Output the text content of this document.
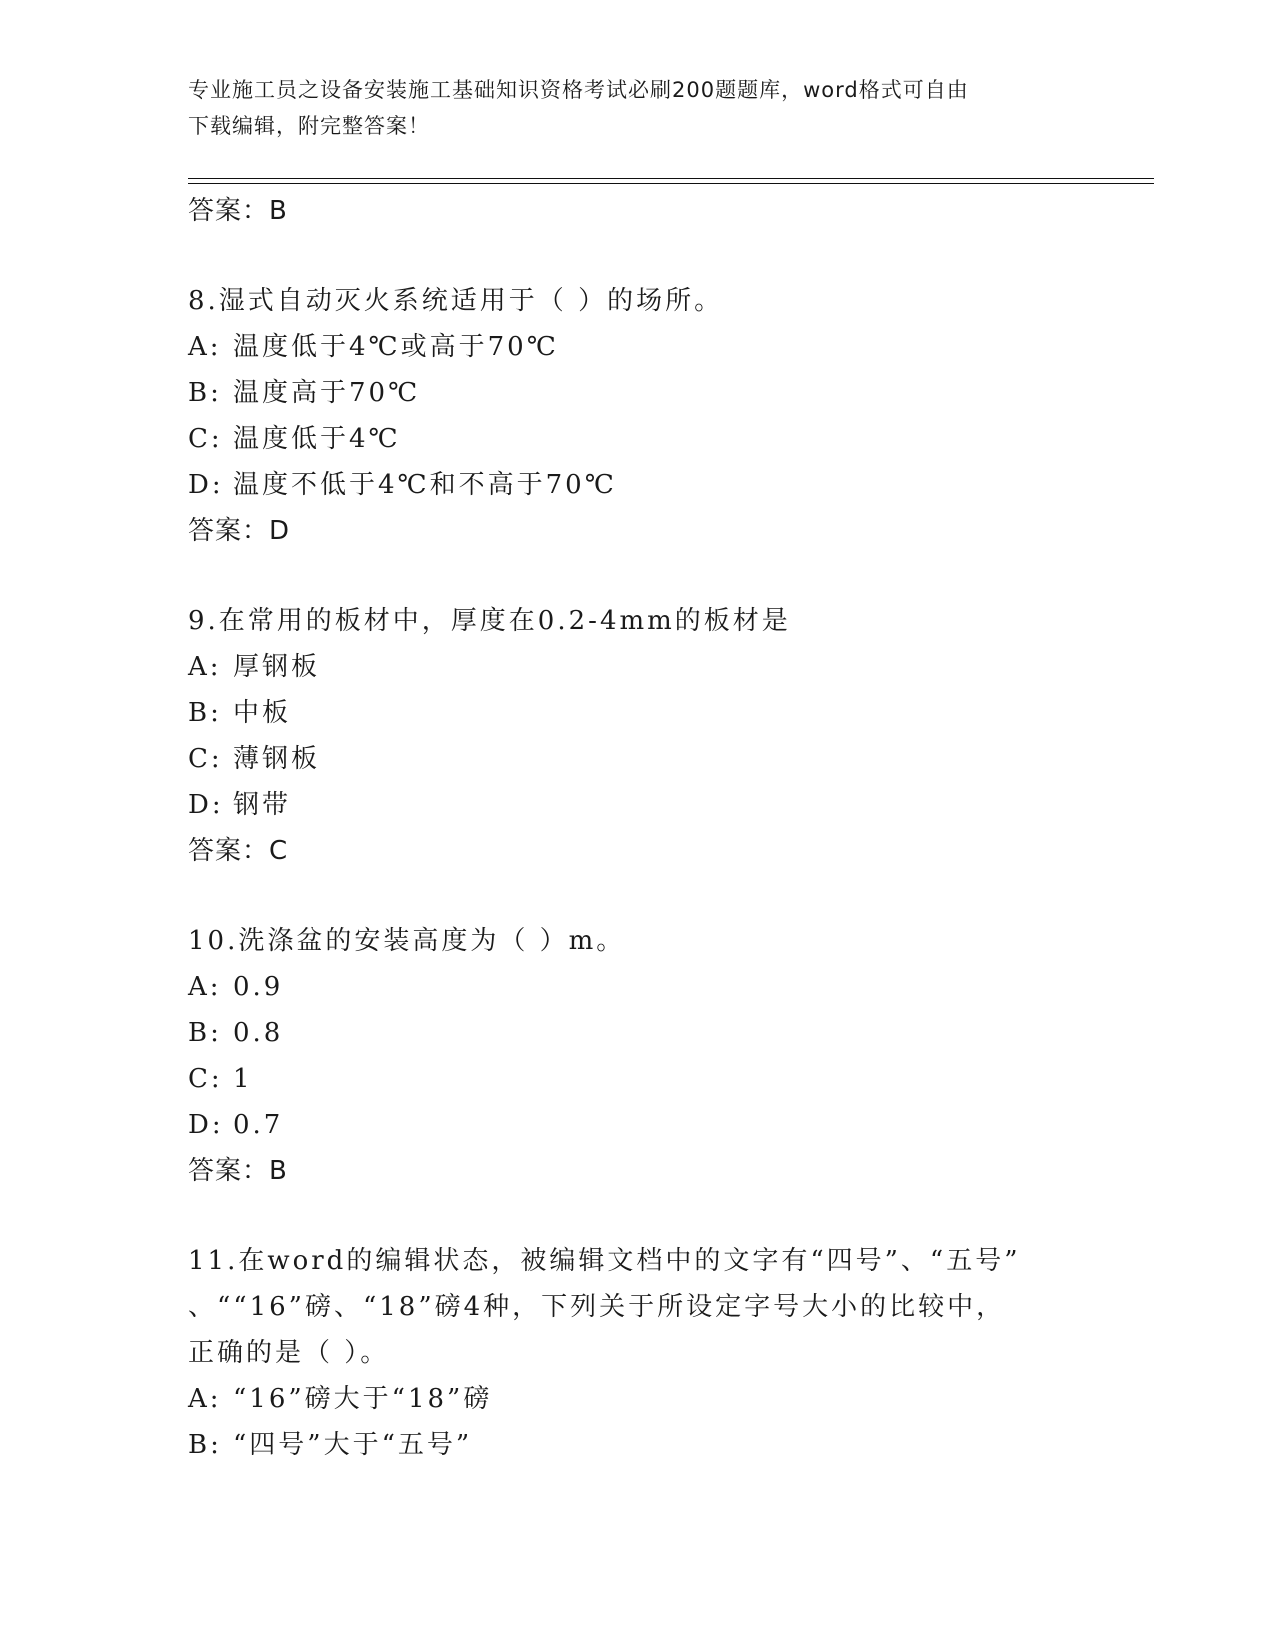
专业施工员之设备安装施工基础知识资格考试必刷200题题库，word格式可自由
下载编辑，附完整答案！
答案：B
8.湿式自动灭火系统适用于（ ）的场所。
A: 温度低于4℃或高于70℃
B: 温度高于70℃
C: 温度低于4℃
D: 温度不低于4℃和不高于70℃
答案：D
9.在常用的板材中，厚度在0.2-4mm的板材是
A: 厚钢板
B: 中板
C: 薄钢板
D: 钢带
答案：C
10.洗涤盆的安装高度为（ ）m。
A: 0.9
B: 0.8
C: 1
D: 0.7
答案：B
11.在word的编辑状态，被编辑文档中的文字有“四号”、“五号”
、““16”磅、“18”磅4种，下列关于所设定字号大小的比较中，
正确的是（ ）。
A: “16”磅大于“18”磅
B: “四号”大于“五号”
